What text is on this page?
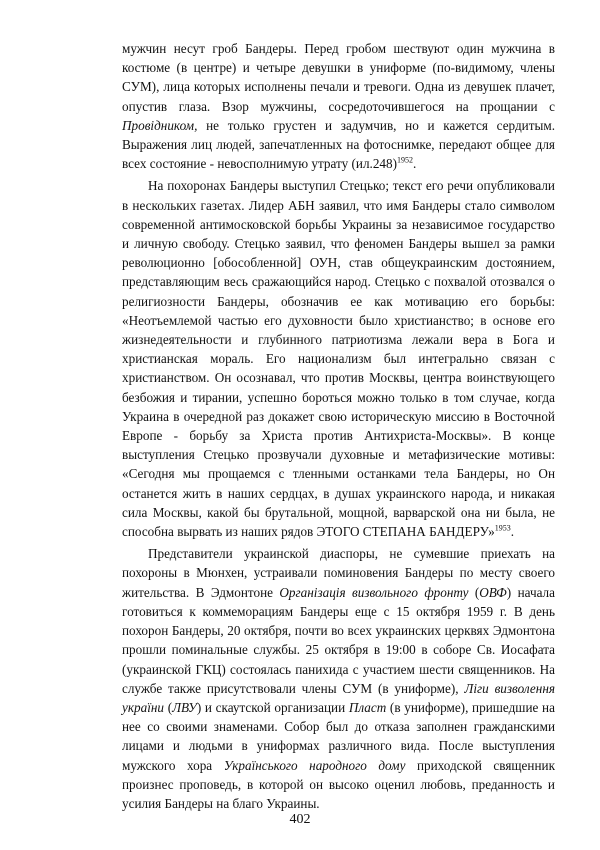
мужчин несут гроб Бандеры. Перед гробом шествуют один мужчина в костюме (в центре) и четыре девушки в униформе (по-видимому, члены СУМ), лица которых исполнены печали и тревоги. Одна из девушек плачет, опустив глаза. Взор мужчины, сосредоточившегося на прощании с Провідником, не только грустен и задумчив, но и кажется сердитым. Выражения лиц людей, запечатленных на фотоснимке, передают общее для всех состояние - невосполнимую утрату $(ил.248)^{1952}$.

На похоронах Бандеры выступил Стецько; текст его речи опубликовали в нескольких газетах. Лидер АБН заявил, что имя Бандеры стало символом современной антимосковской борьбы Украины за независимое государство и личную свободу. Стецько заявил, что феномен Бандеры вышел за рамки революционно [обособленной] ОУН, став общеукраинским достоянием, представляющим весь сражающийся народ. Стецько с похвалой отозвался о религиозности Бандеры, обозначив ее как мотивацию его борьбы: «Неотъемлемой частью его духовности было христианство; в основе его жизнедеятельности и глубинного патриотизма лежали вера в Бога и христианская мораль. Его национализм был интегрально связан с христианством. Он осознавал, что против Москвы, центра воинствующего безбожия и тирании, успешно бороться можно только в том случае, когда Украина в очередной раз докажет свою историческую миссию в Восточной Европе - борьбу за Христа против Антихриста-Москвы». В конце выступления Стецько прозвучали духовные и метафизические мотивы: «Сегодня мы прощаемся с тленными останками тела Бандеры, но Он останется жить в наших сердцах, в душах украинского народа, и никакая сила Москвы, какой бы брутальной, мощной, варварской она ни была, не способна вырвать из наших рядов ЭТОГО СТЕПАНА БАНДЕРУ»$^{1953}$.

Представители украинской диаспоры, не сумевшие приехать на похороны в Мюнхен, устраивали поминовения Бандеры по месту своего жительства. В Эдмонтоне Організація визвольного фронту (ОВФ) начала готовиться к коммеморациям Бандеры еще с 15 октября 1959 г. В день похорон Бандеры, 20 октября, почти во всех украинских церквях Эдмонтона прошли поминальные службы. 25 октября в 19:00 в соборе Св. Иосафата (украинской ГКЦ) состоялась панихида с участием шести священников. На службе также присутствовали члены СУМ (в униформе), Ліги визволення україни (ЛВУ) и скаутской организации Пласт (в униформе), пришедшие на нее со своими знаменами. Собор был до отказа заполнен гражданскими лицами и людьми в униформах различного вида. После выступления мужского хора Українського народного дому приходской священник произнес проповедь, в которой он высоко оценил любовь, преданность и усилия Бандеры на благо Украины.

402
